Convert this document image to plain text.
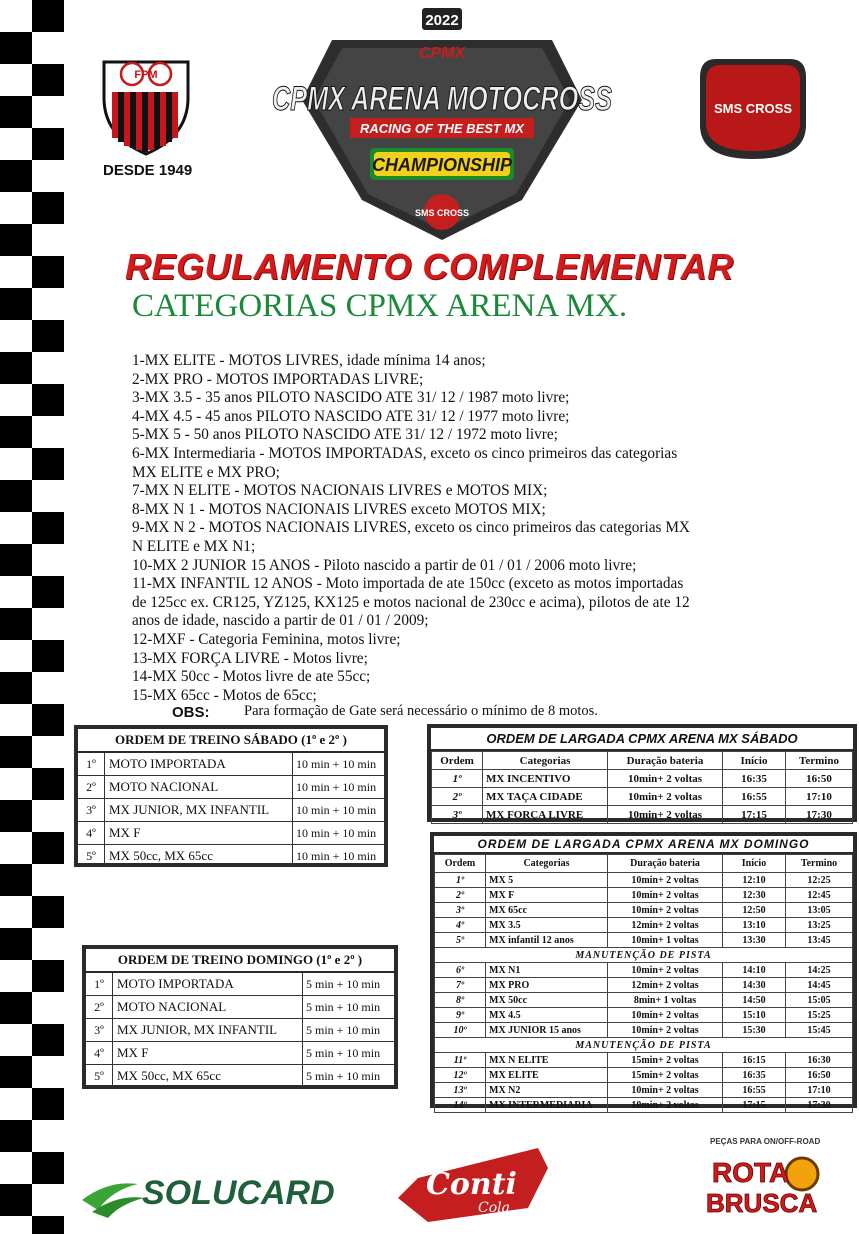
FPM
DESDE 1949
2022
CPMX
CPMX ARENA MOTOCROSS
RACING OF THE BEST MX
CHAMPIONSHIP
SMS CROSS
SMS CROSS
REGULAMENTO COMPLEMENTAR
CATEGORIAS CPMX ARENA MX.

1-MX ELITE - MOTOS LIVRES, idade mínima 14 anos;

2-MX PRO - MOTOS IMPORTADAS LIVRE;

3-MX 3.5 - 35 anos PILOTO NASCIDO ATE 31/ 12 / 1987 moto livre;

4-MX 4.5 - 45 anos PILOTO NASCIDO ATE 31/ 12 / 1977 moto livre;

5-MX 5 - 50 anos PILOTO NASCIDO ATE 31/ 12 / 1972 moto livre;

6-MX Intermediaria - MOTOS IMPORTADAS, exceto os cinco primeiros das categorias

MX ELITE e MX PRO;

7-MX N ELITE - MOTOS NACIONAIS LIVRES e MOTOS MIX;

8-MX N 1 - MOTOS NACIONAIS LIVRES exceto MOTOS MIX;

9-MX N 2 - MOTOS NACIONAIS LIVRES, exceto os cinco primeiros das categorias MX

N ELITE e MX N1;

10-MX 2 JUNIOR 15 ANOS - Piloto nascido a partir de 01 / 01 / 2006 moto livre;

11-MX INFANTIL 12 ANOS - Moto importada de ate 150cc (exceto as motos importadas

de 125cc ex. CR125, YZ125, KX125 e motos nacional de 230cc e acima), pilotos de ate 12

anos de idade, nascido a partir de 01 / 01 / 2009;

12-MXF - Categoria Feminina, motos livre;

13-MX FORÇA LIVRE - Motos livre;

14-MX 50cc - Motos livre de ate 55cc;

15-MX 65cc - Motos de 65cc;

OBS: Para formação de Gate será necessário o mínimo de 8 motos.
ORDEM DE TREINO SÁBADO (1º e 2º )
1º	MOTO IMPORTADA	10 min + 10 min
2º	MOTO NACIONAL	10 min + 10 min
3º	MX JUNIOR, MX INFANTIL	10 min + 10 min
4º	MX F	10 min + 10 min
5º	MX 50cc, MX 65cc	10 min + 10 min
ORDEM DE TREINO DOMINGO (1º e 2º )
1º	MOTO IMPORTADA	5 min + 10 min
2º	MOTO NACIONAL	5 min + 10 min
3º	MX JUNIOR, MX INFANTIL	5 min + 10 min
4º	MX F	5 min + 10 min
5º	MX 50cc, MX 65cc	5 min + 10 min
ORDEM DE LARGADA CPMX ARENA MX SÁBADO
Ordem	Categorias	Duração bateria	Início	Termino
1º	MX INCENTIVO	10min+ 2 voltas	16:35	16:50
2º	MX TAÇA CIDADE	10min+ 2 voltas	16:55	17:10
3º	MX FORÇA LIVRE	10min+ 2 voltas	17:15	17:30
ORDEM DE LARGADA CPMX ARENA MX DOMINGO
Ordem	Categorias	Duração bateria	Início	Termino
1º	MX 5	10min+ 2 voltas	12:10	12:25
2º	MX F	10min+ 2 voltas	12:30	12:45
3º	MX 65cc	10min+ 2 voltas	12:50	13:05
4º	MX 3.5	12min+ 2 voltas	13:10	13:25
5º	MX infantil 12 anos	10min+ 1 voltas	13:30	13:45
MANUTENÇÃO DE PISTA				
6º	MX N1	10min+ 2 voltas	14:10	14:25
7º	MX PRO	12min+ 2 voltas	14:30	14:45
8º	MX 50cc	8min+ 1 voltas	14:50	15:05
9º	MX 4.5	10min+ 2 voltas	15:10	15:25
10º	MX JUNIOR 15 anos	10min+ 2 voltas	15:30	15:45
MANUTENÇÃO DE PISTA				
11º	MX N ELITE	15min+ 2 voltas	16:15	16:30
12º	MX ELITE	15min+ 2 voltas	16:35	16:50
13º	MX N2	10min+ 2 voltas	16:55	17:10
14º	MX INTERMEDIARIA	10min+ 2 voltas	17:15	17:30
SOLUCARD	Conti
Cola
PEÇAS PARA ON/OFF-ROAD
ROTA
BRUSCA
